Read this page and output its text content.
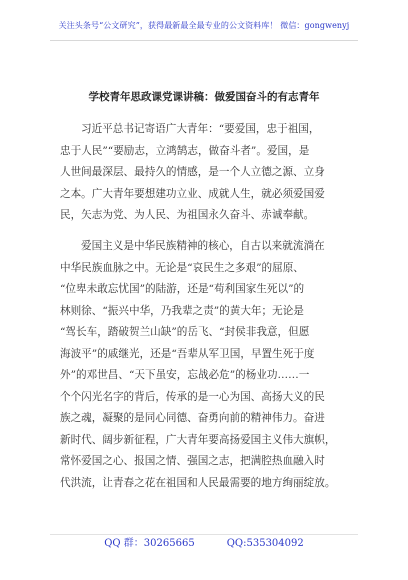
关注头条号“公文研究”，获得最新最全最专业的公文资料库！ 微信：gongwenyj
学校青年思政课党课讲稿：做爱国奋斗的有志青年
习近平总书记寄语广大青年：“要爱国，忠于祖国，
忠于人民”“要励志，立鸿鹄志，做奋斗者”。爱国，是
人世间最深层、最持久的情感，是一个人立德之源、立身
之本。广大青年要想建功立业、成就人生，就必须爱国爱
民，矢志为党、为人民、为祖国永久奋斗、赤诚奉献。
爱国主义是中华民族精神的核心，自古以来就流淌在
中华民族血脉之中。无论是“哀民生之多艰”的屈原、
“位卑未敢忘忧国”的陆游，还是“苟利国家生死以”的
林则徐、“振兴中华，乃我辈之责”的黄大年；无论是
“驾长车，踏破贺兰山缺”的岳飞、“封侯非我意，但愿
海波平”的戚继光，还是“吾辈从军卫国，早置生死于度
外”的邓世昌、“天下虽安，忘战必危”的杨业功……一
个个闪光名字的背后，传承的是一心为国、高扬大义的民
族之魂，凝聚的是同心同德、奋勇向前的精神伟力。奋进
新时代、阔步新征程，广大青年要高扬爱国主义伟大旗帜，
常怀爱国之心、报国之情、强国之志，把满腔热血融入时
代洪流，让青春之花在祖国和人民最需要的地方绚丽绽放。
QQ 群：30265665	QQ:535304092
